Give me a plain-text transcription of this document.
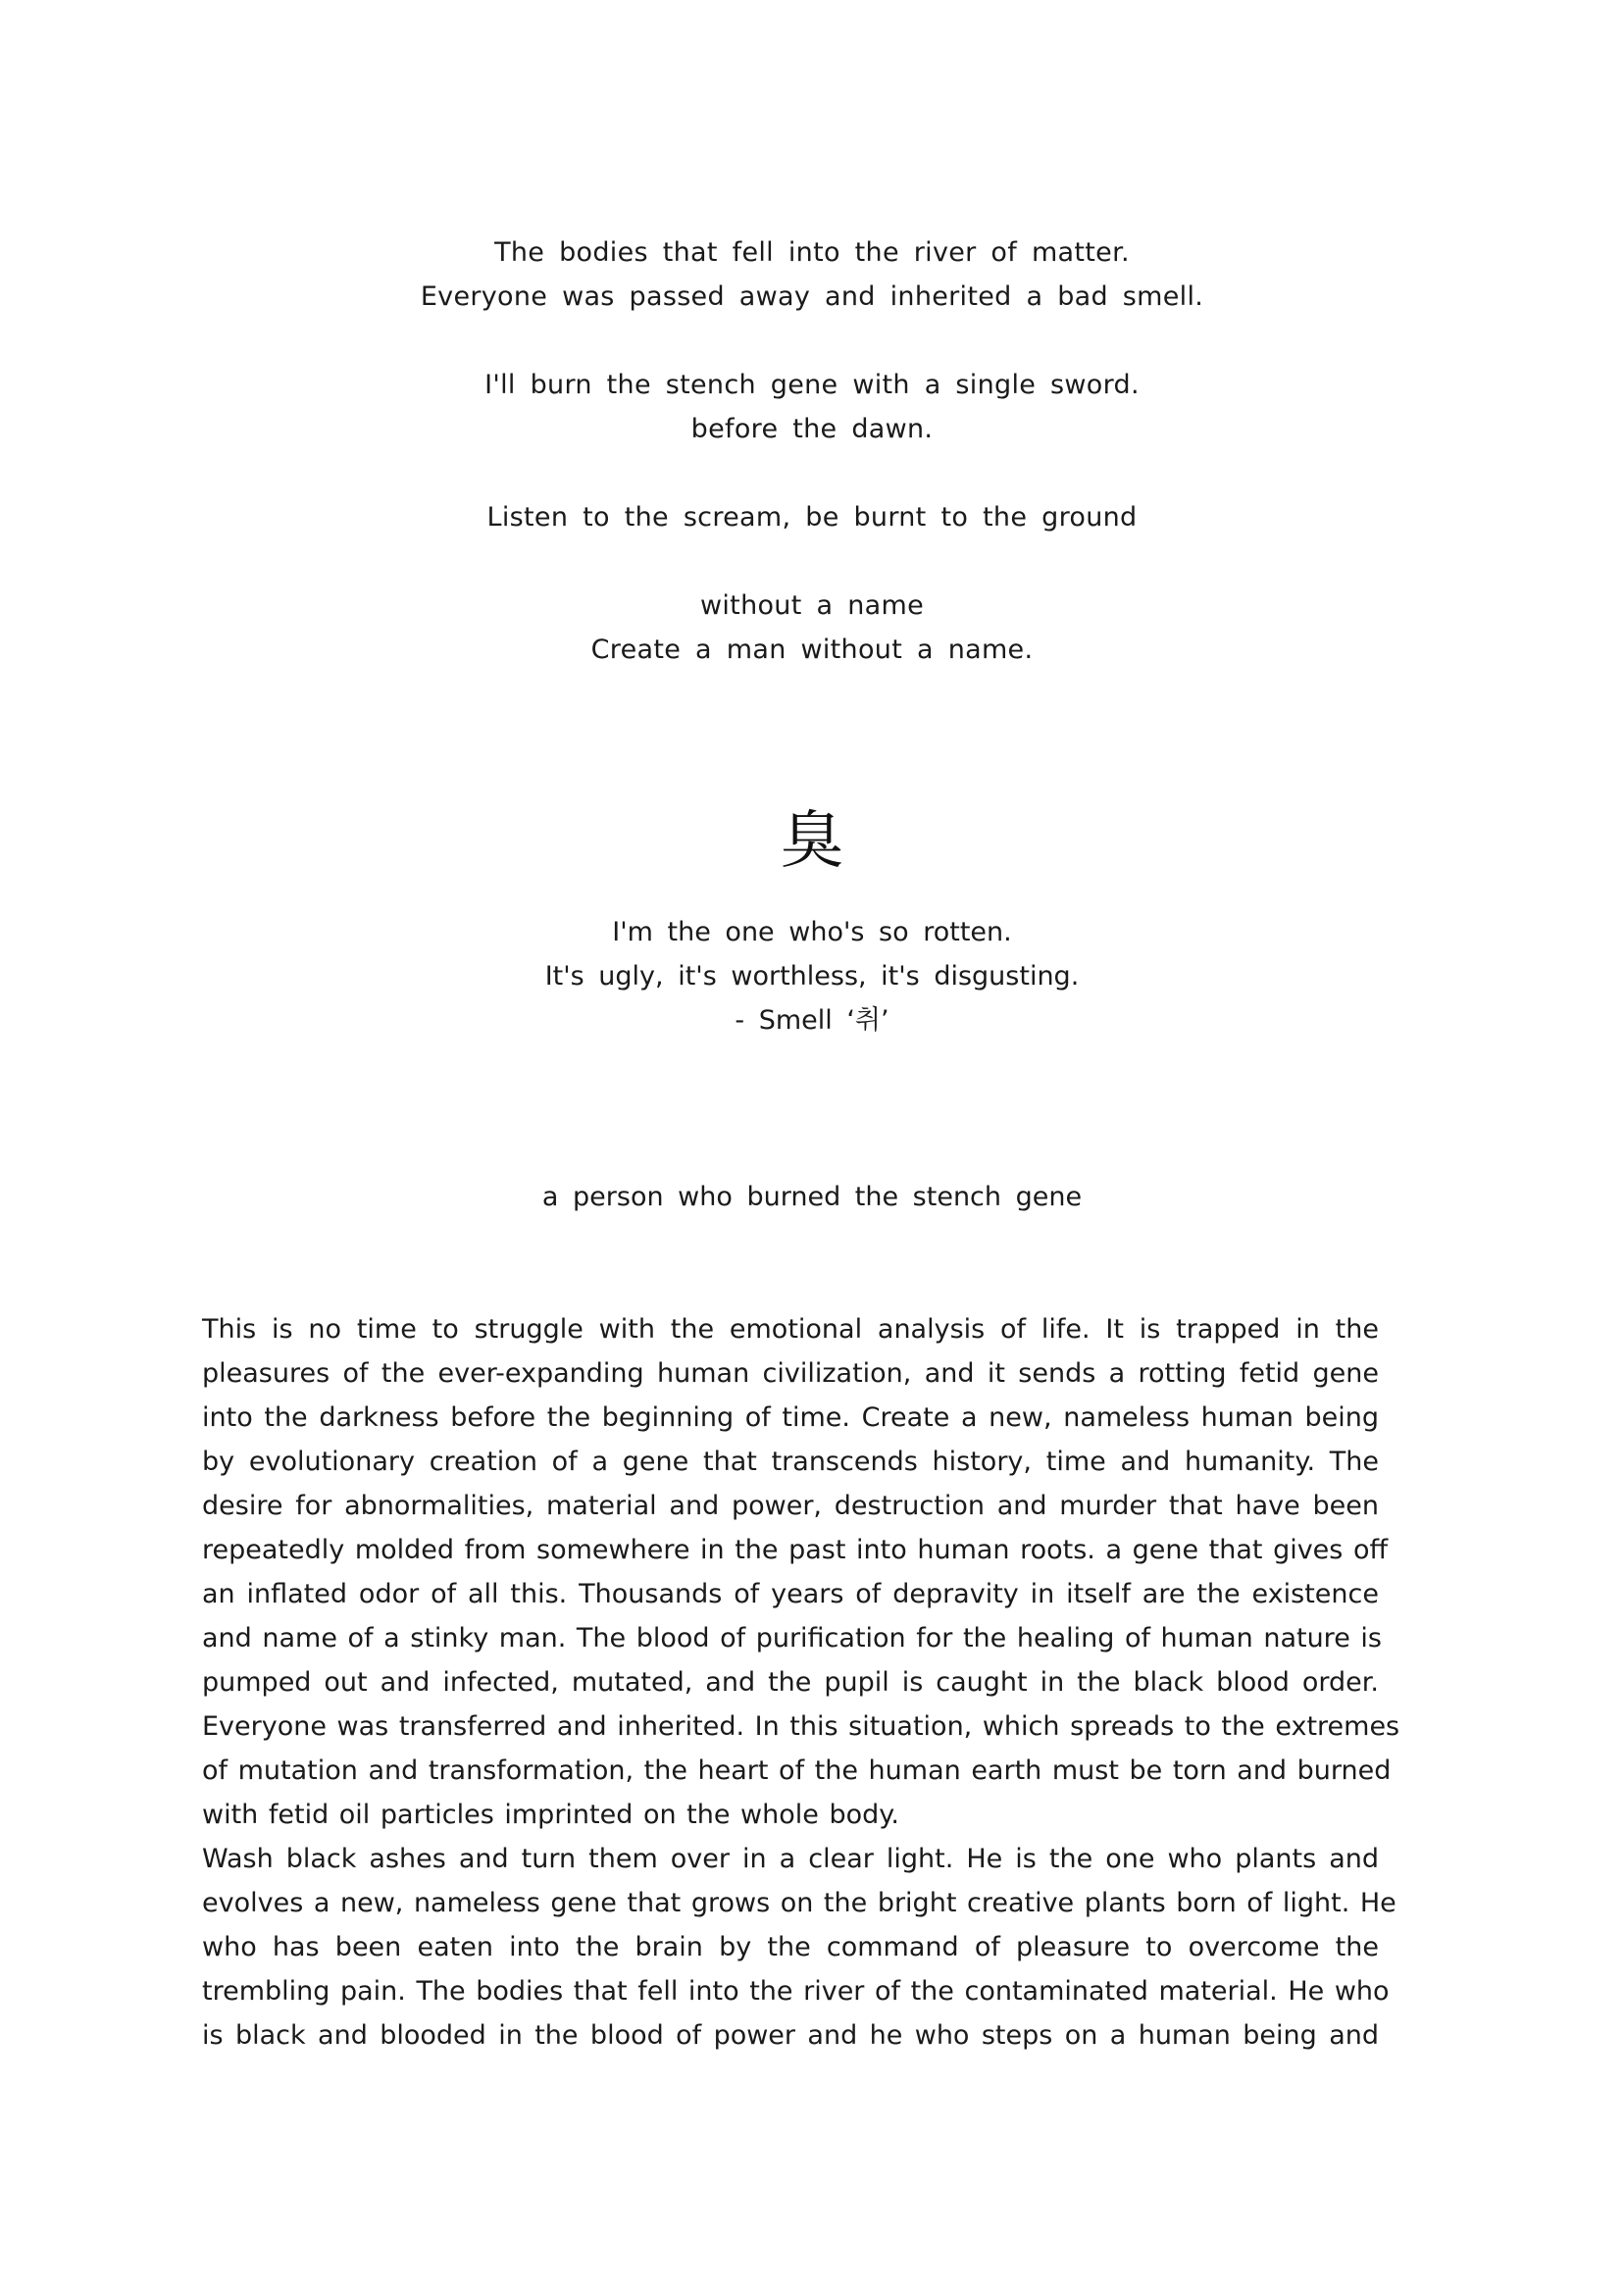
The bodies that fell into the river of matter.
Everyone was passed away and inherited a bad smell.
I'll burn the stench gene with a single sword.
before the dawn.
Listen to the scream, be burnt to the ground
without a name
Create a man without a name.
臭
I'm the one who's so rotten.
It's ugly, it's worthless, it's disgusting.
- Smell ‘취’
a person who burned the stench gene
This is no time to struggle with the emotional analysis of life. It is trapped in the
pleasures of the ever-expanding human civilization, and it sends a rotting fetid gene
into the darkness before the beginning of time. Create a new, nameless human being
by evolutionary creation of a gene that transcends history, time and humanity. The
desire for abnormalities, material and power, destruction and murder that have been
repeatedly molded from somewhere in the past into human roots. a gene that gives off
an inflated odor of all this. Thousands of years of depravity in itself are the existence
and name of a stinky man. The blood of purification for the healing of human nature is
pumped out and infected, mutated, and the pupil is caught in the black blood order.
Everyone was transferred and inherited. In this situation, which spreads to the extremes
of mutation and transformation, the heart of the human earth must be torn and burned
with fetid oil particles imprinted on the whole body.
Wash black ashes and turn them over in a clear light. He is the one who plants and
evolves a new, nameless gene that grows on the bright creative plants born of light. He
who has been eaten into the brain by the command of pleasure to overcome the
trembling pain. The bodies that fell into the river of the contaminated material. He who
is black and blooded in the blood of power and he who steps on a human being and
